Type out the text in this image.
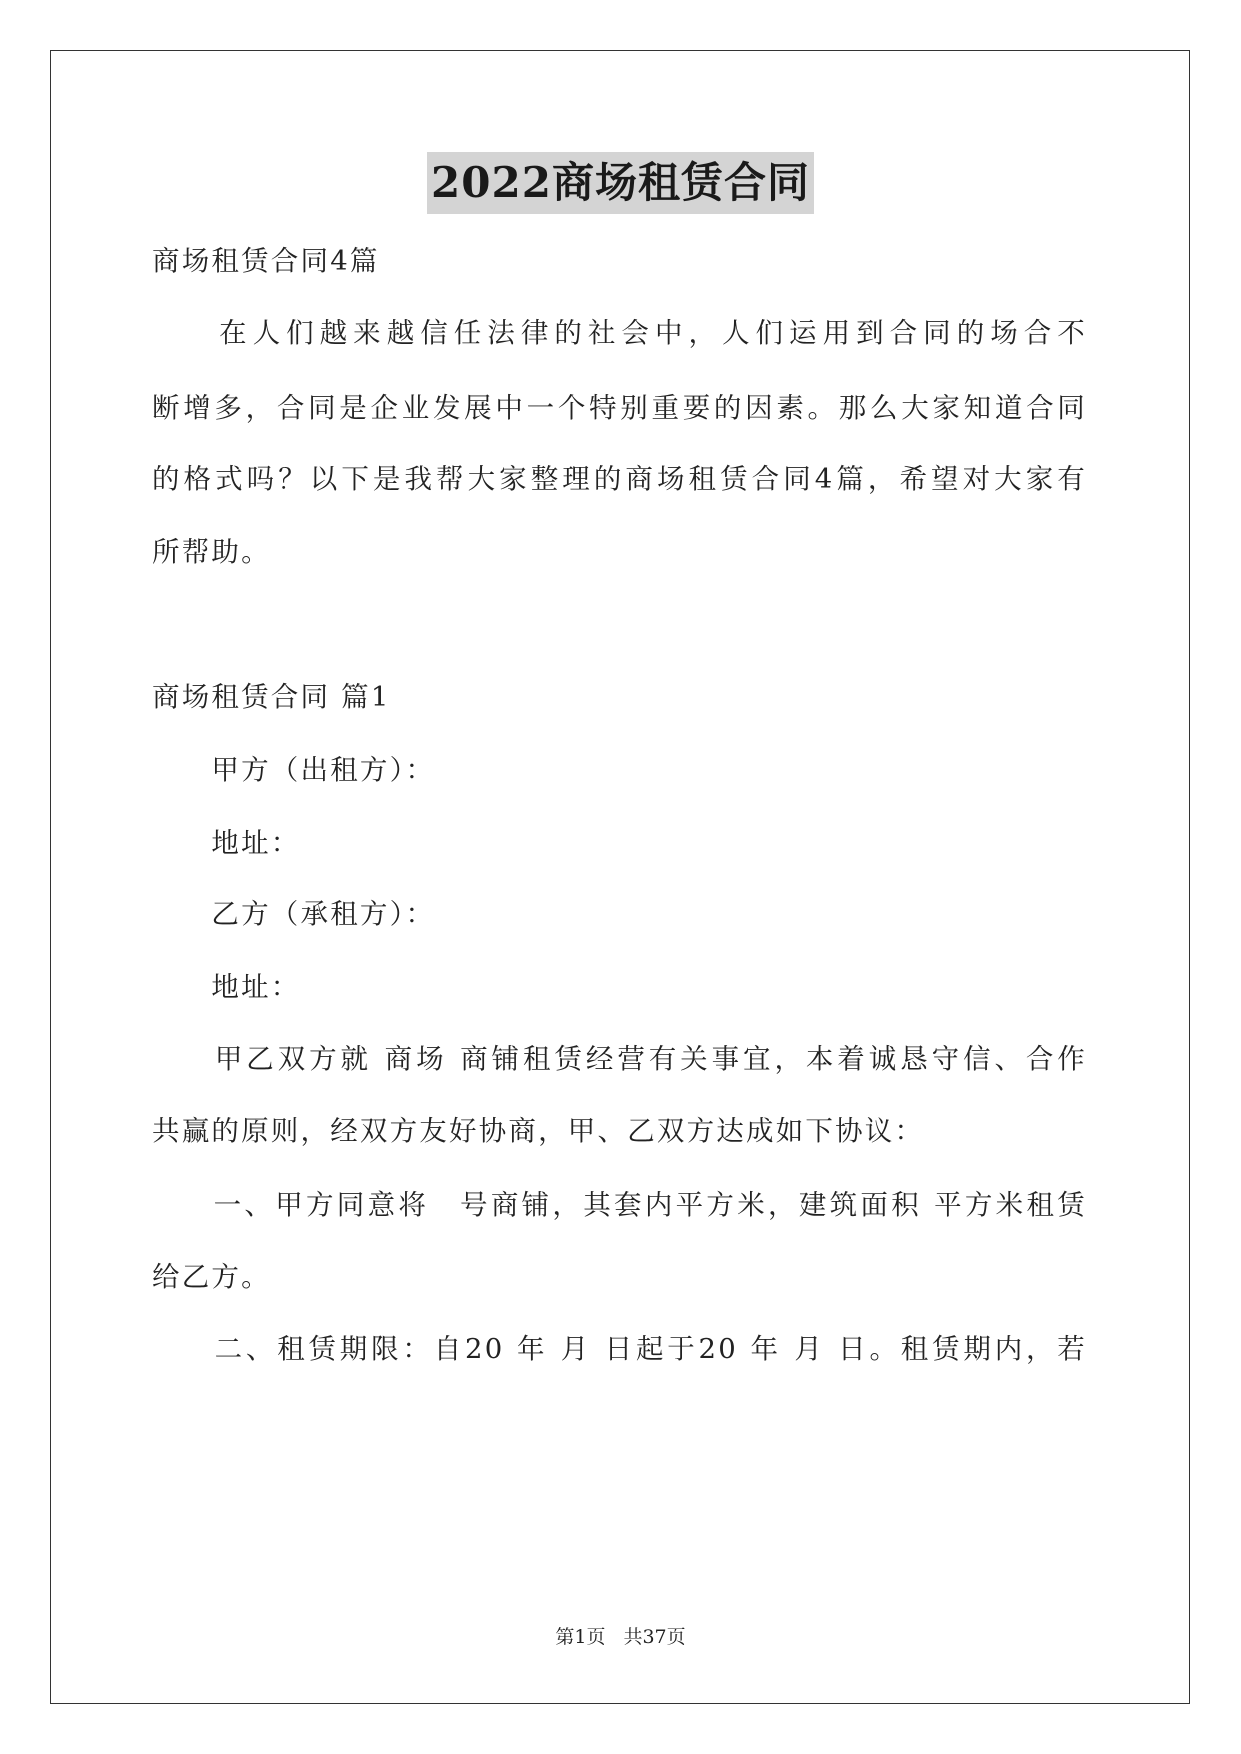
2022商场租赁合同
商场租赁合同4篇
　　在人们越来越信任法律的社会中，人们运用到合同的场合不
断增多，合同是企业发展中一个特别重要的因素。那么大家知道合同
的格式吗？以下是我帮大家整理的商场租赁合同4篇，希望对大家有
所帮助。
商场租赁合同 篇1
　　甲方（出租方）：
　　地址：
　　乙方（承租方）：
　　地址：
　　甲乙双方就 商场 商铺租赁经营有关事宜，本着诚恳守信、合作
共赢的原则，经双方友好协商，甲、乙双方达成如下协议：
　　一、甲方同意将　号商铺，其套内平方米，建筑面积 平方米租赁
给乙方。
　　二、租赁期限：自20 年 月 日起于20 年 月 日。租赁期内，若
第1页 共37页
